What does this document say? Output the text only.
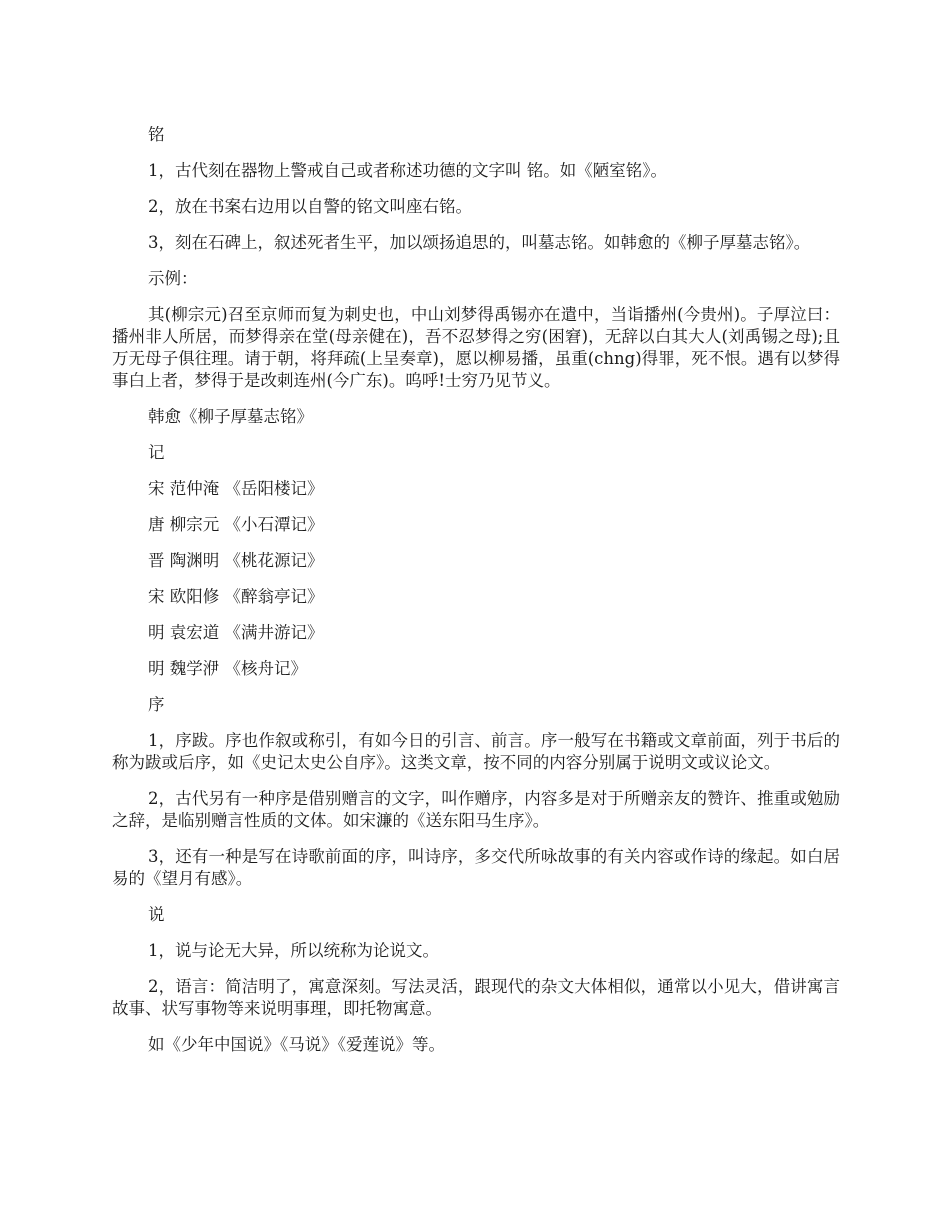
铭

1，古代刻在器物上警戒自己或者称述功德的文字叫 铭。如《陋室铭》。

2，放在书案右边用以自警的铭文叫座右铭。

3，刻在石碑上，叙述死者生平，加以颂扬追思的，叫墓志铭。如韩愈的《柳子厚墓志铭》。

示例：

其(柳宗元)召至京师而复为刺史也，中山刘梦得禹锡亦在遣中，当诣播州(今贵州)。子厚泣曰：播州非人所居，而梦得亲在堂(母亲健在)，吾不忍梦得之穷(困窘)，无辞以白其大人(刘禹锡之母);且万无母子俱往理。请于朝，将拜疏(上呈奏章)，愿以柳易播，虽重(chng)得罪，死不恨。遇有以梦得事白上者，梦得于是改刺连州(今广东)。呜呼!士穷乃见节义。

韩愈《柳子厚墓志铭》

记

宋 范仲淹 《岳阳楼记》

唐 柳宗元 《小石潭记》

晋 陶渊明 《桃花源记》

宋 欧阳修 《醉翁亭记》

明 袁宏道 《满井游记》

明 魏学洢 《核舟记》

序

1，序跋。序也作叙或称引，有如今日的引言、前言。序一般写在书籍或文章前面，列于书后的称为跋或后序，如《史记太史公自序》。这类文章，按不同的内容分别属于说明文或议论文。

2，古代另有一种序是借别赠言的文字，叫作赠序，内容多是对于所赠亲友的赞许、推重或勉励之辞，是临别赠言性质的文体。如宋濂的《送东阳马生序》。

3，还有一种是写在诗歌前面的序，叫诗序，多交代所咏故事的有关内容或作诗的缘起。如白居易的《望月有感》。

说

1，说与论无大异，所以统称为论说文。

2，语言：简洁明了，寓意深刻。写法灵活，跟现代的杂文大体相似，通常以小见大，借讲寓言故事、状写事物等来说明事理，即托物寓意。

如《少年中国说》《马说》《爱莲说》等。
